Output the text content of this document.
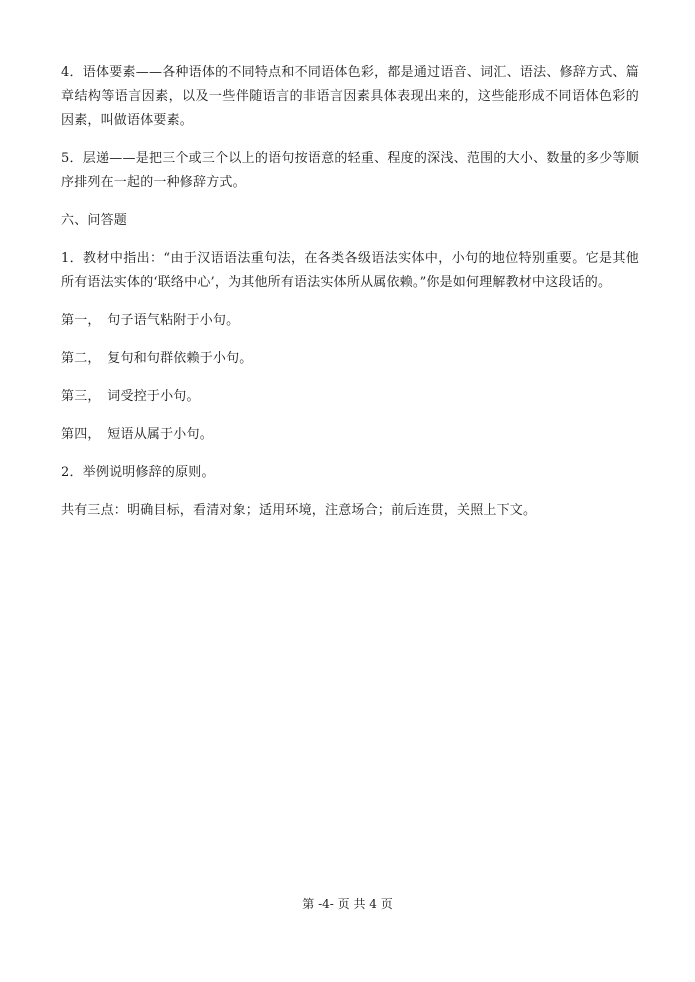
4．语体要素——各种语体的不同特点和不同语体色彩，都是通过语音、词汇、语法、修辞方式、篇章结构等语言因素，以及一些伴随语言的非语言因素具体表现出来的，这些能形成不同语体色彩的因素，叫做语体要素。

5．层递——是把三个或三个以上的语句按语意的轻重、程度的深浅、范围的大小、数量的多少等顺序排列在一起的一种修辞方式。

六、问答题

1．教材中指出：“由于汉语语法重句法，在各类各级语法实体中，小句的地位特别重要。它是其他所有语法实体的‘联络中心’，为其他所有语法实体所从属依赖。”你是如何理解教材中这段话的。

第一，　句子语气粘附于小句。

第二，　复句和句群依赖于小句。

第三，　词受控于小句。

第四，　短语从属于小句。

2．举例说明修辞的原则。

共有三点：明确目标，看清对象；适用环境，注意场合；前后连贯，关照上下文。

第 -4- 页 共 4 页
